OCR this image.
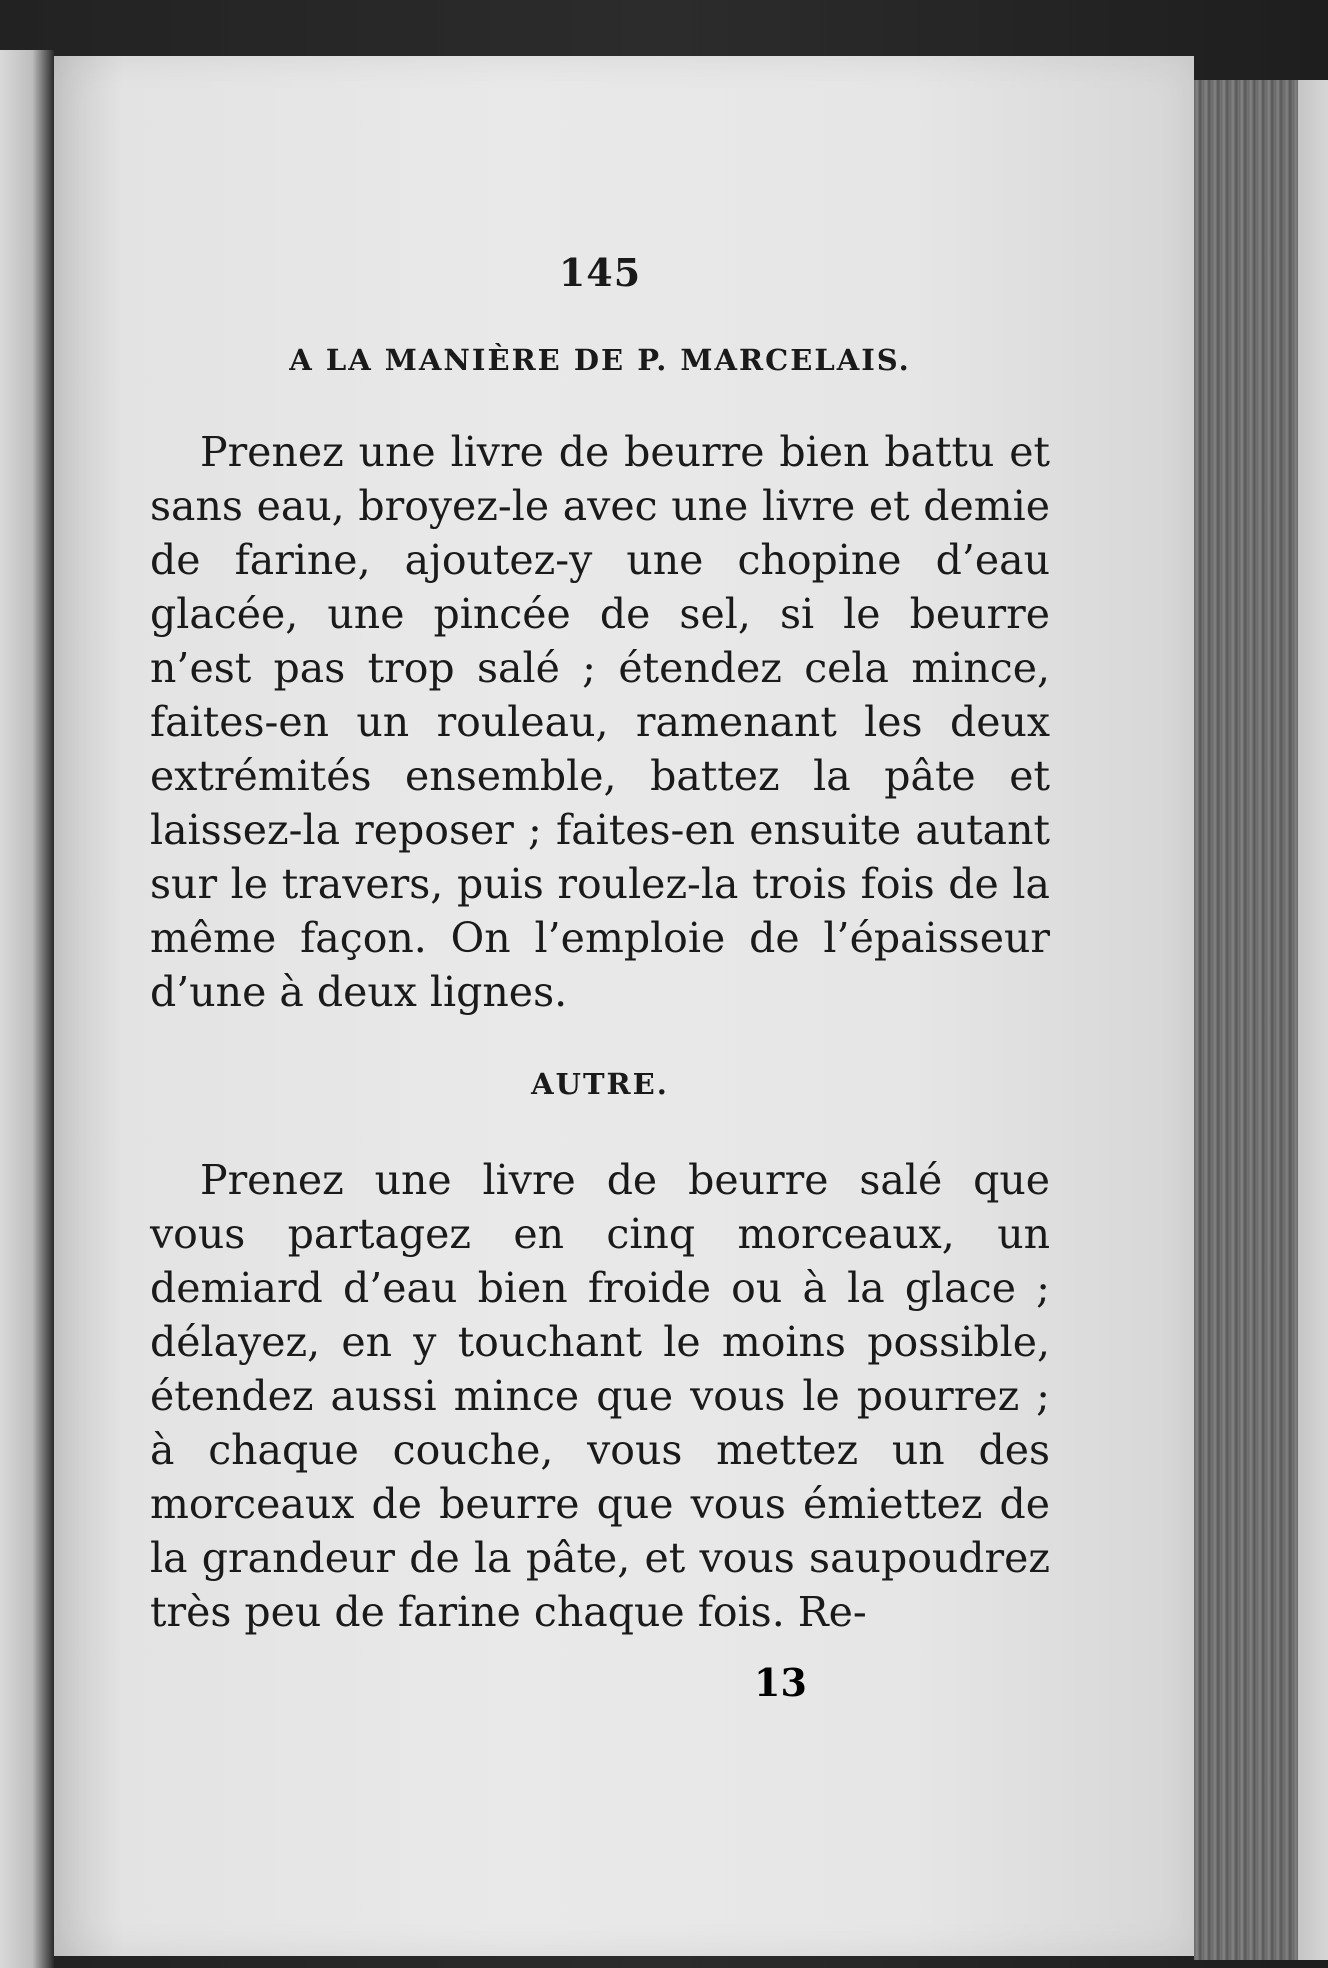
145
A LA MANIÈRE DE P. MARCELAIS.

Prenez une livre de beurre bien battu et sans eau, broyez-le avec une livre et demie de farine, ajoutez-y une chopine d’eau glacée, une pincée de sel, si le beurre n’est pas trop salé ; étendez cela mince, faites-en un rouleau, ramenant les deux extrémités ensemble, battez la pâte et laissez-la reposer ; faites-en ensuite autant sur le travers, puis roulez-la trois fois de la même façon. On l’emploie de l’épaisseur d’une à deux lignes.

AUTRE.

Prenez une livre de beurre salé que vous partagez en cinq morceaux, un demiard d’eau bien froide ou à la glace ; délayez, en y touchant le moins possible, étendez aussi mince que vous le pourrez ; à chaque couche, vous mettez un des morceaux de beurre que vous émiettez de la grandeur de la pâte, et vous saupoudrez très peu de farine chaque fois. Re-

13
